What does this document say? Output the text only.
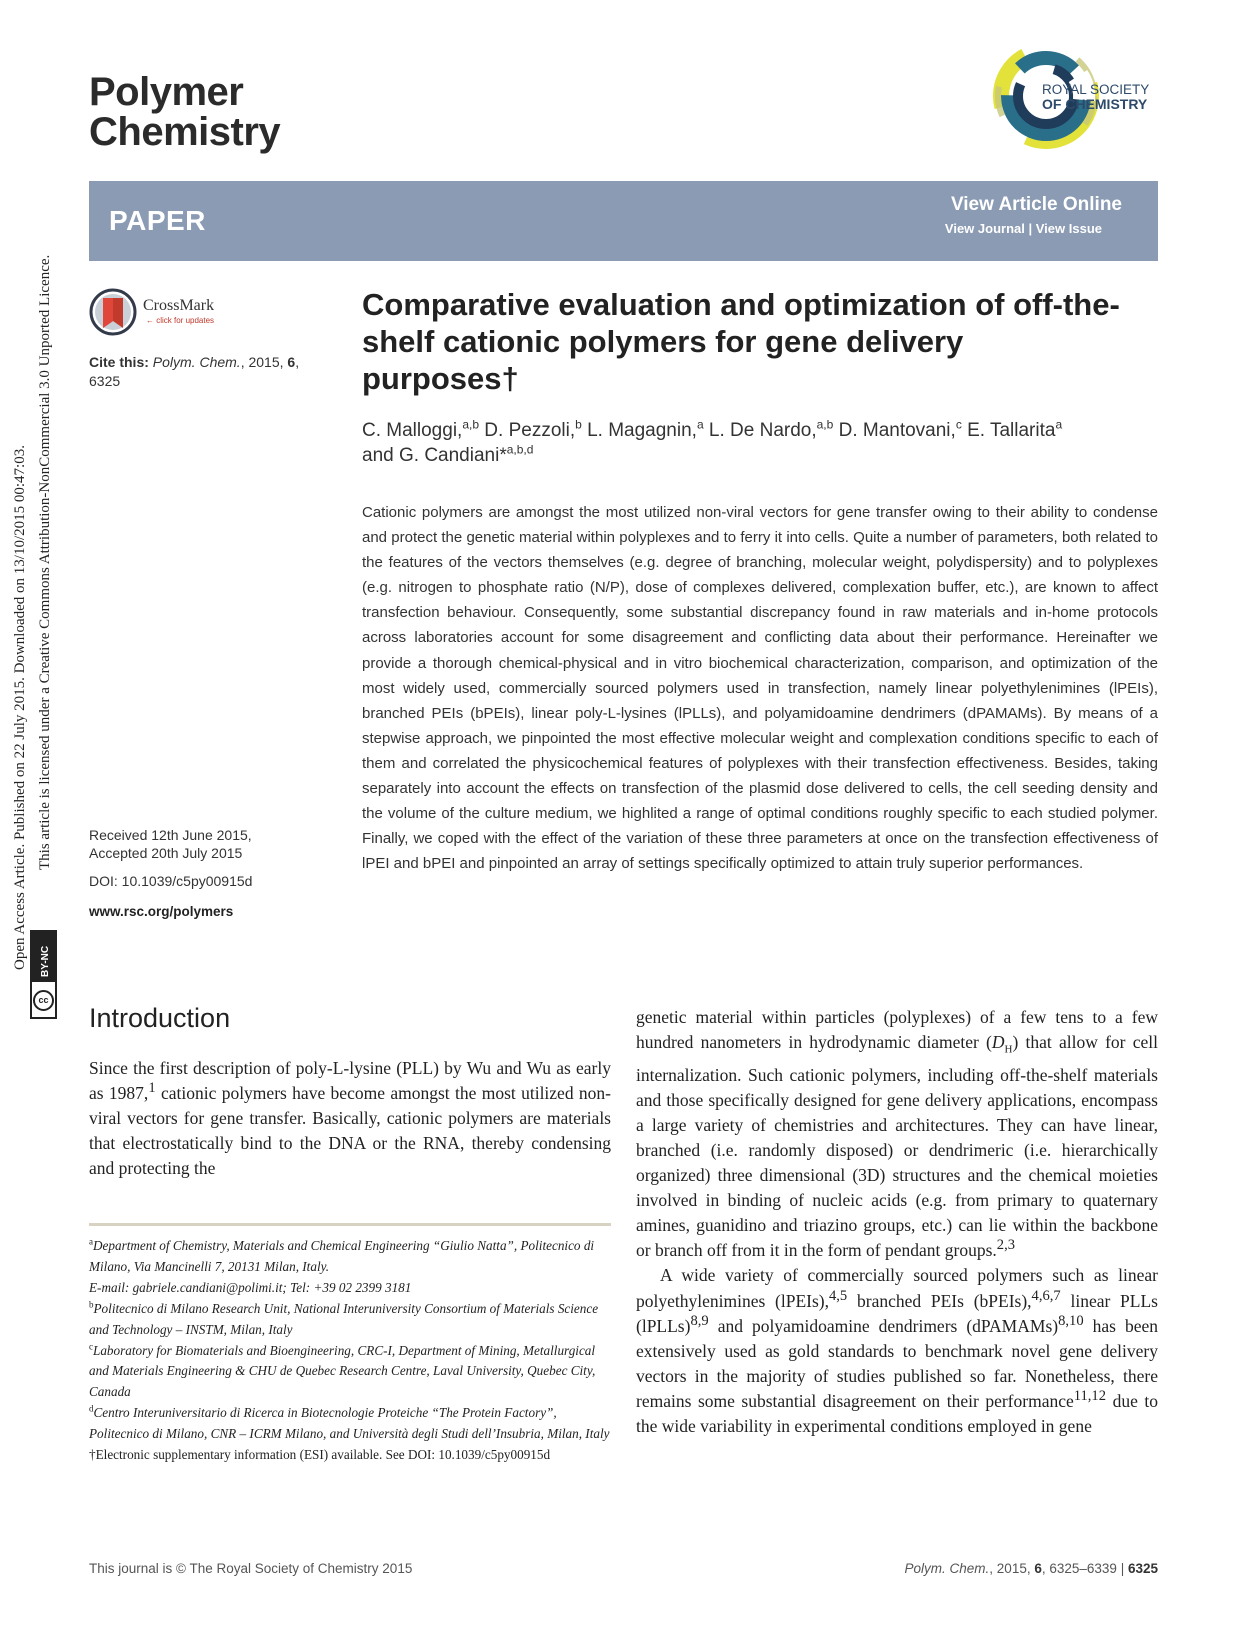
Open Access Article. Published on 22 July 2015. Downloaded on 13/10/2015 00:47:03. This article is licensed under a Creative Commons Attribution-NonCommercial 3.0 Unported Licence.
cc
BY-NC
Polymer
Chemistry
ROYAL SOCIETY
OF CHEMISTRY
PAPER
View Article Online
View Journal | View Issue
CrossMark
← click for updates
Cite this: Polym. Chem., 2015, 6, 6325
Received 12th June 2015,
Accepted 20th July 2015
DOI: 10.1039/c5py00915d
www.rsc.org/polymers
Comparative evaluation and optimization of off-the-shelf cationic polymers for gene delivery purposes†
C. Malloggi,$^{a,b}$ D. Pezzoli,$^b$ L. Magagnin,$^a$ L. De Nardo,$^{a,b}$ D. Mantovani,$^c$ E. Tallarita$^a$
and G. Candiani*$^{a,b,d}$
Cationic polymers are amongst the most utilized non-viral vectors for gene transfer owing to their ability to condense and protect the genetic material within polyplexes and to ferry it into cells. Quite a number of parameters, both related to the features of the vectors themselves (e.g. degree of branching, molecular weight, polydispersity) and to polyplexes (e.g. nitrogen to phosphate ratio (N/P), dose of complexes delivered, complexation buffer, etc.), are known to affect transfection behaviour. Consequently, some substantial discrepancy found in raw materials and in-home protocols across laboratories account for some disagreement and conflicting data about their performance. Hereinafter we provide a thorough chemical-physical and in vitro biochemical characterization, comparison, and optimization of the most widely used, commercially sourced polymers used in transfection, namely linear polyethylenimines (lPEIs), branched PEIs (bPEIs), linear poly-L-lysines (lPLLs), and polyamidoamine dendrimers (dPAMAMs). By means of a stepwise approach, we pinpointed the most effective molecular weight and complexation conditions specific to each of them and correlated the physicochemical features of polyplexes with their transfection effectiveness. Besides, taking separately into account the effects on transfection of the plasmid dose delivered to cells, the cell seeding density and the volume of the culture medium, we highlited a range of optimal conditions roughly specific to each studied polymer. Finally, we coped with the effect of the variation of these three parameters at once on the transfection effectiveness of lPEI and bPEI and pinpointed an array of settings specifically optimized to attain truly superior performances.
Introduction
Since the first description of poly-L-lysine (PLL) by Wu and Wu as early as 1987,$^1$ cationic polymers have become amongst the most utilized non-viral vectors for gene transfer. Basically, cationic polymers are materials that electrostatically bind to the DNA or the RNA, thereby condensing and protecting the
$^a$Department of Chemistry, Materials and Chemical Engineering “Giulio Natta”, Politecnico di Milano, Via Mancinelli 7, 20131 Milan, Italy.
E-mail: gabriele.candiani@polimi.it; Tel: +39 02 2399 3181
$^b$Politecnico di Milano Research Unit, National Interuniversity Consortium of Materials Science and Technology – INSTM, Milan, Italy
$^c$Laboratory for Biomaterials and Bioengineering, CRC-I, Department of Mining, Metallurgical and Materials Engineering & CHU de Quebec Research Centre, Laval University, Quebec City, Canada
$^d$Centro Interuniversitario di Ricerca in Biotecnologie Proteiche “The Protein Factory”, Politecnico di Milano, CNR – ICRM Milano, and Università degli Studi dell’Insubria, Milan, Italy
†Electronic supplementary information (ESI) available. See DOI: 10.1039/c5py00915d

genetic material within particles (polyplexes) of a few tens to a few hundred nanometers in hydrodynamic diameter $(D_H)$ that allow for cell internalization. Such cationic polymers, including off-the-shelf materials and those specifically designed for gene delivery applications, encompass a large variety of chemistries and architectures. They can have linear, branched (i.e. randomly disposed) or dendrimeric (i.e. hierarchically organized) three dimensional (3D) structures and the chemical moieties involved in binding of nucleic acids (e.g. from primary to quaternary amines, guanidino and triazino groups, etc.) can lie within the backbone or branch off from it in the form of pendant groups.$^{2,3}$

A wide variety of commercially sourced polymers such as linear polyethylenimines (lPEIs),$^{4,5}$ branched PEIs (bPEIs),$^{4,6,7}$ linear PLLs (lPLLs)$^{8,9}$ and polyamidoamine dendrimers (dPAMAMs)$^{8,10}$ has been extensively used as gold standards to benchmark novel gene delivery vectors in the majority of studies published so far. Nonetheless, there remains some substantial disagreement on their performance$^{11,12}$ due to the wide variability in experimental conditions employed in gene

This journal is © The Royal Society of Chemistry 2015	Polym. Chem., 2015, 6, 6325–6339 | 6325
